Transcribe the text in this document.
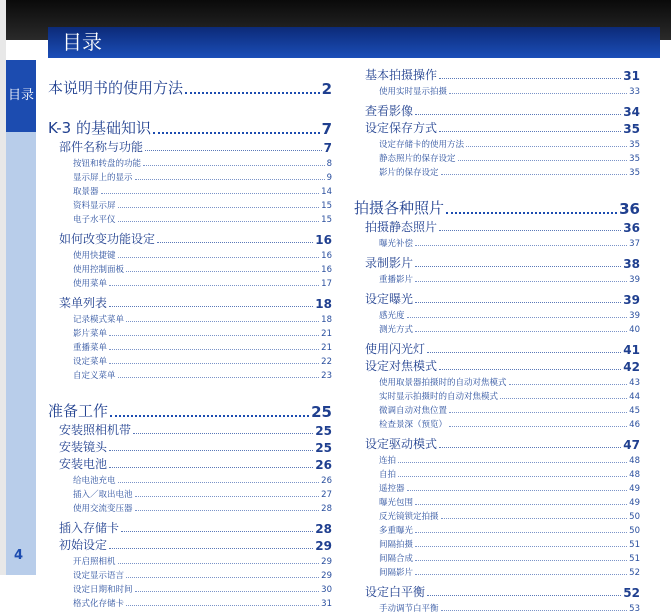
目录
目录
4
本说明书的使用方法	2
K-3 的基础知识	7
部件名称与功能	7
按钮和转盘的功能	8
显示屏上的显示	9
取景器	14
资料显示屏	15
电子水平仪	15
如何改变功能设定	16
使用快捷键	16
使用控制面板	16
使用菜单	17
菜单列表	18
记录模式菜单	18
影片菜单	21
重播菜单	21
设定菜单	22
自定义菜单	23
准备工作	25
安装照相机带	25
安装镜头	25
安装电池	26
给电池充电	26
插入／取出电池	27
使用交流变压器	28
插入存储卡	28
初始设定	29
开启照相机	29
设定显示语言	29
设定日期和时间	30
格式化存储卡	31
基本拍摄操作	31
使用实时显示拍摄	33
查看影像	34
设定保存方式	35
设定存储卡的使用方法	35
静态照片的保存设定	35
影片的保存设定	35
拍摄各种照片	36
拍摄静态照片	36
曝光补偿	37
录制影片	38
重播影片	39
设定曝光	39
感光度	39
测光方式	40
使用闪光灯	41
设定对焦模式	42
使用取景器拍摄时的自动对焦模式	43
实时显示拍摄时的自动对焦模式	44
微调自动对焦位置	45
检查景深（预览）	46
设定驱动模式	47
连拍	48
自拍	48
遥控器	49
曝光包围	49
反光镜锁定拍摄	50
多重曝光	50
间隔拍摄	51
间隔合成	51
间隔影片	52
设定白平衡	52
手动调节白平衡	53
